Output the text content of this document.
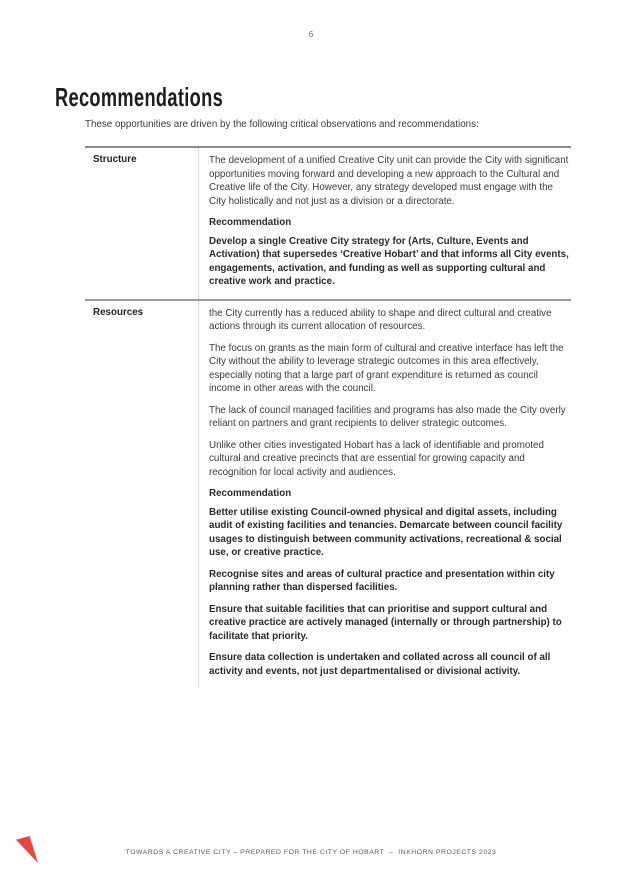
6
Recommendations

These opportunities are driven by the following critical observations and recommendations:

Structure	The development of a unified Creative City unit can provide the City with significant opportunities moving forward and developing a new approach to the Cultural and Creative life of the City. However, any strategy developed must engage with the City holistically and not just as a division or a directorate.

Recommendation

Develop a single Creative City strategy for (Arts, Culture, Events and Activation) that supersedes ‘Creative Hobart’ and that informs all City events, engagements, activation, and funding as well as supporting cultural and creative work and practice.

Resources	the City currently has a reduced ability to shape and direct cultural and creative actions through its current allocation of resources.

The focus on grants as the main form of cultural and creative interface has left the City without the ability to leverage strategic outcomes in this area effectively, especially noting that a large part of grant expenditure is returned as council income in other areas with the council.

The lack of council managed facilities and programs has also made the City overly reliant on partners and grant recipients to deliver strategic outcomes.

Unlike other cities investigated Hobart has a lack of identifiable and promoted cultural and creative precincts that are essential for growing capacity and recognition for local activity and audiences.

Recommendation

Better utilise existing Council-owned physical and digital assets, including audit of existing facilities and tenancies. Demarcate between council facility usages to distinguish between community activations, recreational & social use, or creative practice.

Recognise sites and areas of cultural practice and presentation within city planning rather than dispersed facilities.

Ensure that suitable facilities that can prioritise and support cultural and creative practice are actively managed (internally or through partnership) to facilitate that priority.

Ensure data collection is undertaken and collated across all council of all activity and events, not just departmentalised or divisional activity.

TOWARDS A CREATIVE CITY – PREPARED FOR THE CITY OF HOBART  –  INKHORN PROJECTS 2023
